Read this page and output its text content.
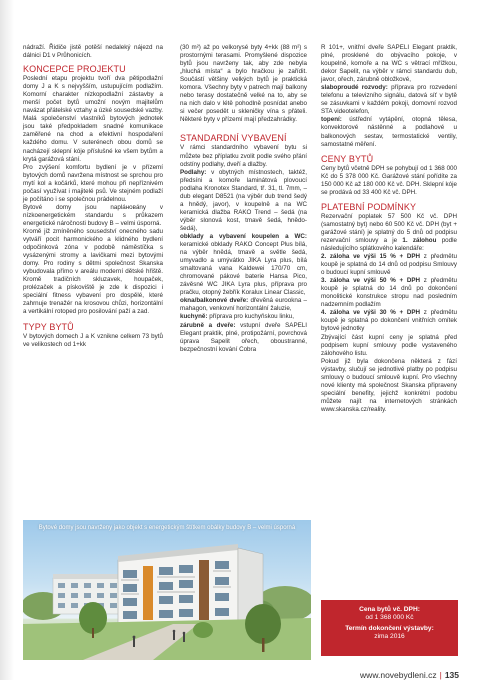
nádraží. Řidiče jistě potěší nedaleký nájezd na dálnici D1 v Průhonicích.

KONCEPCE PROJEKTU

Poslední etapu projektu tvoří dva pětipodlažní domy J a K s nejvyšším, ustupujícím podlažím. Komorní charakter nízkopodlažní zástavby a menší počet bytů umožní novým majitelům navázat přátelské vztahy a úzké sousedské vazby. Malá společenství vlastníků bytových jednotek jsou také předpokladem snadné komunikace zaměřené na chod a efektivní hospodaření každého domu. V suterénech obou domů se nacházejí sklepní kóje příslušné ke všem bytům a krytá garážová stání.

Pro zvýšení komfortu bydlení je v přízemí bytových domů navržena místnost se sprchou pro mytí kol a kočárků, které mohou při nepříznivém počasí využívat i majitelé psů. Ve stejném podlaží je počítáno i se společnou prádelnou.

Bytové domy jsou napláновány v nízkoenergetickém standardu s průkazem energetické náročnosti budovy B – velmi úsporná.

Kromě již zmíněného sousedství onecného sadu vytváří pocit harmonického a klidného bydlení odpočinková zóna v podobě náměstíčka s vysázenými stromy a lavičkami mezi bytovými domy. Pro rodiny s dětmi společnost Skanska vybudovala přímo v areálu moderní dětské hřiště. Kromě tradičních skluzavek, houpaček, prolézaček a pískoviště je zde k dispozici i speciální fitness vybavení pro dospělé, které zahrnuje trenažér na krosovou chůzi, horizontální a vertikální rotoped pro posilování paží a zad.

TYPY BYTŮ

V bytových domech J a K vznikne celkem 73 bytů ve velikostech od 1+kk

(30 m²) až po velkorysé byty 4+kk (88 m²) s prostornými terasami. Promyšlené dispozice bytů jsou navrženy tak, aby zde nebyla „hluchá místa“ a bylo hračkou je zařídit. Součástí většiny velkých bytů je praktická komora. Všechny byty v patrech mají balkony nebo terasy dostatečně velké na to, aby se na nich dalo v létě pohodlně posnídat anebo si večer posedět u skleničky vína s přáteli. Některé byty v přízemí mají předzahrádky.

STANDARDNÍ VYBAVENÍ

V rámci standardního vybavení bytu si můžete bez příplatku zvolit podle svého přání odstíny podlahy, dveří a dlažby.

Podlahy: v obytných místnostech, taktéž, předsíni a komoře laminátová plovoucí podlaha Kronotex Standard, tř. 31, tl. 7mm, – dub elegant D8521 (na výběr dub trend šedý a hnědý, javor), v koupelně a na WC keramická dlažba RAKO Trend – šedá (na výběr slonová kost, tmavě šedá, hnědo-šedá),

obklady a vybavení koupelen a WC: keramické obklady RAKO Concept Plus bílá, na výběr hnědá, tmavě a světle šedá, umyvadlo a umývátko JIKA Lyra plus, bílá smaltovaná vana Kaldewei 170/70 cm, chromované pákové baterie Hansa Pico, závěsné WC JIKA Lyra plus, příprava pro pračku, otopný žebřík Koralux Linear Classic,

okna/balkonové dveře: dřevěná eurookna – mahagon, venkovní horizontální žaluzie,

kuchyně: příprava pro kuchyňskou linku,

zárubně a dveře: vstupní dveře SAPELI Elegant praktik, plné, protipožární, povrchová úprava Sapelit ořech, oboustranné, bezpečnostní kování Cobra

R 101+, vnitřní dveře SAPELI Elegant praktik, plné, prosklené do obývacího pokoje, v koupelně, komoře a na WC s větrací mřížkou, dekor Sapelit, na výběr v rámci standardu dub, javor, ořech, zárubně obložkové,

slaboproudé rozvody: příprava pro rozvedení telefonu a televizního signálu, datová síť v bytě se zásuvkami v každém pokoji, domovní rozvod STA videotelefon,

topení: ústřední vytápění, otopná tělesa, konvektorové nástěnné a podlahové u balkonových sestav, termostatické ventily, samostatné měření.

CENY BYTŮ

Ceny bytů včetně DPH se pohybují od 1 368 000 Kč do 5 378 000 Kč. Garážové stání pořídíte za 150 000 Kč až 180 000 Kč vč. DPH. Sklepní kóje se prodává od 33 400 Kč vč. DPH.

PLATEBNÍ PODMÍNKY

Rezervační poplatek 57 500 Kč vč. DPH (samostatný byt) nebo 60 500 Kč vč. DPH (byt + garážové stání) je splatný do 5 dnů od podpisu rezervační smlouvy a je 1. zálohou podle následujícího splátkového kalendáře:

2. záloha ve výši 15 % + DPH z předmětu koupě je splatná do 14 dnů od podpisu Smlouvy o budoucí kupní smlouvě

3. záloha ve výši 50 % + DPH z předmětu koupě je splatná do 14 dnů po dokončení monolitické konstrukce stropu nad posledním nadzemním podlažím

4. záloha ve výši 30 % + DPH z předmětu koupě je splatná po dokončení vnitřních omítek bytové jednotky

Zbývající část kupní ceny je splatná před podpisem kupní smlouvy podle vystaveného zálohového listu.

Pokud již byla dokončena některá z fází výstavby, slučují se jednotlivé platby po podpisu smlouvy o budoucí smlouvě kupní. Pro všechny nové klienty má společnost Skanska připraveny speciální benefity, jejichž konkrétní podobu můžete najít na internetových stránkách www.skanska.cz/reality.

Bytové domy jsou navrženy jako objekt s energetickým štítkem obálky budovy B – velmi úsporná
Cena bytů vč. DPH:
od 1 368 000 Kč
Termín dokončení výstavby:
zima 2016
www.novebydleni.cz | 135
